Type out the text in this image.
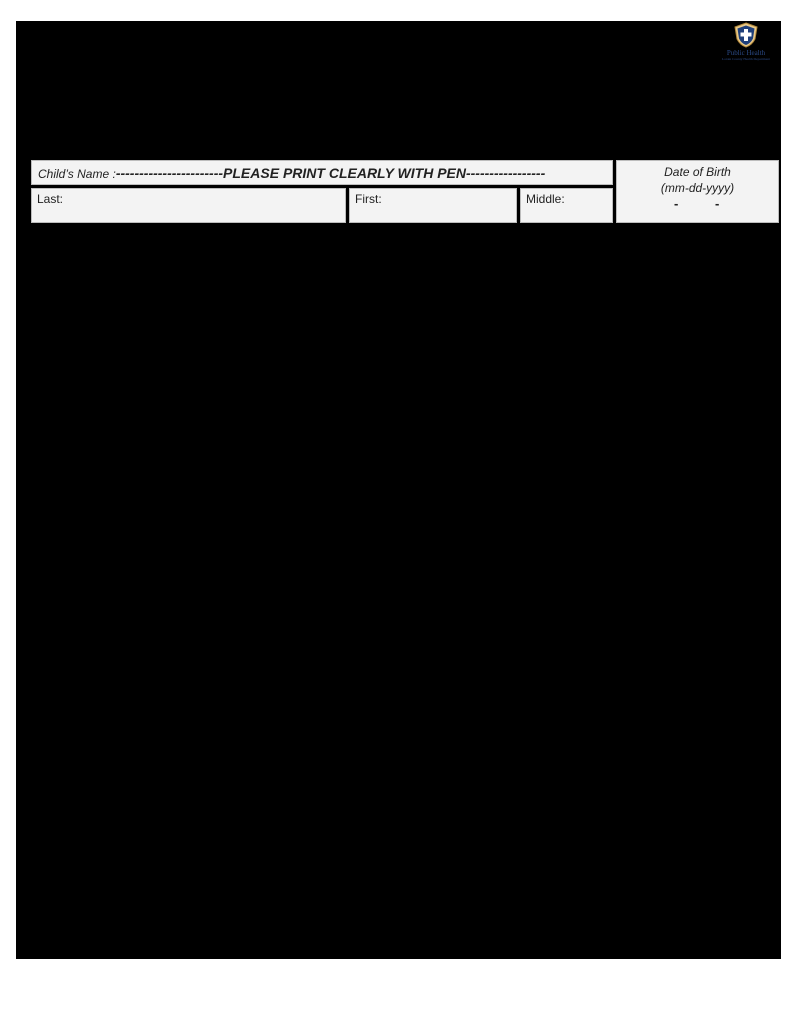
Public Health
Lorain County Health Department
Child’s Name :-----------------------PLEASE PRINT CLEARLY WITH PEN-----------------
Last:	First:	Middle:
Date of Birth
(mm-dd-yyyy)
-	-
